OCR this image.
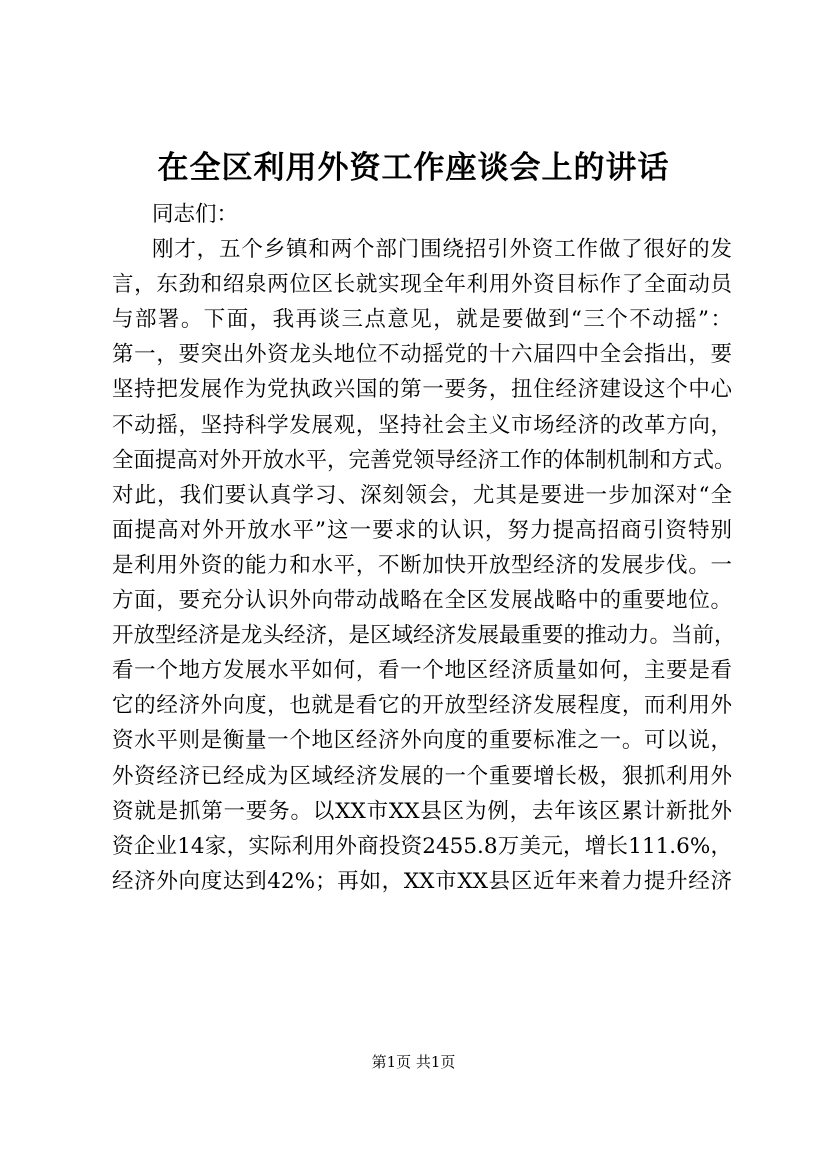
在全区利用外资工作座谈会上的讲话
同志们：
刚才，五个乡镇和两个部门围绕招引外资工作做了很好的发
言，东劲和绍泉两位区长就实现全年利用外资目标作了全面动员
与部署。下面，我再谈三点意见，就是要做到“三个不动摇”：
第一，要突出外资龙头地位不动摇党的十六届四中全会指出，要
坚持把发展作为党执政兴国的第一要务，扭住经济建设这个中心
不动摇，坚持科学发展观，坚持社会主义市场经济的改革方向，
全面提高对外开放水平，完善党领导经济工作的体制机制和方式。
对此，我们要认真学习、深刻领会，尤其是要进一步加深对“全
面提高对外开放水平”这一要求的认识，努力提高招商引资特别
是利用外资的能力和水平，不断加快开放型经济的发展步伐。一
方面，要充分认识外向带动战略在全区发展战略中的重要地位。
开放型经济是龙头经济，是区域经济发展最重要的推动力。当前，
看一个地方发展水平如何，看一个地区经济质量如何，主要是看
它的经济外向度，也就是看它的开放型经济发展程度，而利用外
资水平则是衡量一个地区经济外向度的重要标准之一。可以说，
外资经济已经成为区域经济发展的一个重要增长极，狠抓利用外
资就是抓第一要务。以XX市XX县区为例，去年该区累计新批外
资企业14家，实际利用外商投资2455.8万美元，增长111.6%，
经济外向度达到42%；再如，XX市XX县区近年来着力提升经济
第1页 共1页
